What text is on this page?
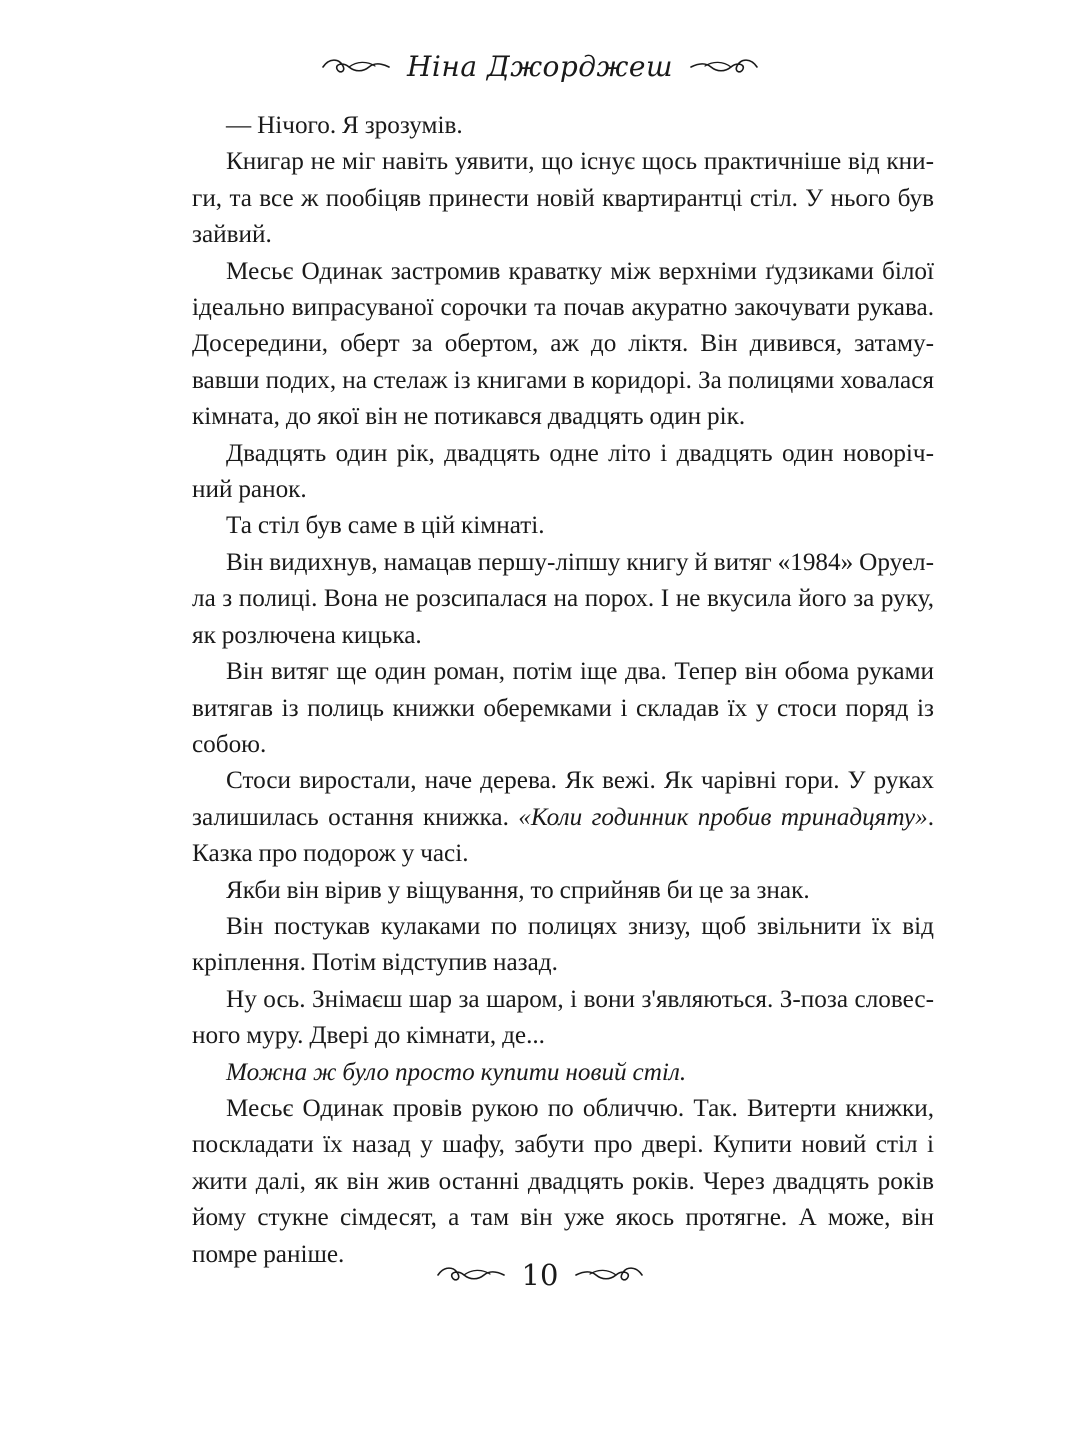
Ніна Джорджеш

— Нічого. Я зрозумів.

Книгар не міг навіть уявити, що існує щось практичніше від книги, та все ж пообіцяв принести новій квартирантці стіл. У нього був зайвий.

Месьє Одинак застромив краватку між верхніми ґудзиками білої ідеально випрасуваної сорочки та почав акуратно закочувати рукава. Досередини, оберт за обертом, аж до ліктя. Він дивився, затамувавши подих, на стелаж із книгами в коридорі. За полицями ховалася кімната, до якої він не потикався двадцять один рік.

Двадцять один рік, двадцять одне літо і двадцять один новорічний ранок.

Та стіл був саме в цій кімнаті.

Він видихнув, намацав першу-ліпшу книгу й витяг «1984» Оруелла з полиці. Вона не розсипалася на порох. І не вкусила його за руку, як розлючена кицька.

Він витяг ще один роман, потім іще два. Тепер він обома руками витягав із полиць книжки оберемками і складав їх у стоси поряд із собою.

Стоси виростали, наче дерева. Як вежі. Як чарівні гори. У руках залишилась остання книжка. «Коли годинник пробив тринадцяту». Казка про подорож у часі.

Якби він вірив у віщування, то сприйняв би це за знак.

Він постукав кулаками по полицях знизу, щоб звільнити їх від кріплення. Потім відступив назад.

Ну ось. Знімаєш шар за шаром, і вони з'являються. З-поза словесного муру. Двері до кімнати, де...

Можна ж було просто купити новий стіл.

Месьє Одинак провів рукою по обличчю. Так. Витерти книжки, поскладати їх назад у шафу, забути про двері. Купити новий стіл і жити далі, як він жив останні двадцять років. Через двадцять років йому стукне сімдесят, а там він уже якось протягне. А може, він помре раніше.

10
